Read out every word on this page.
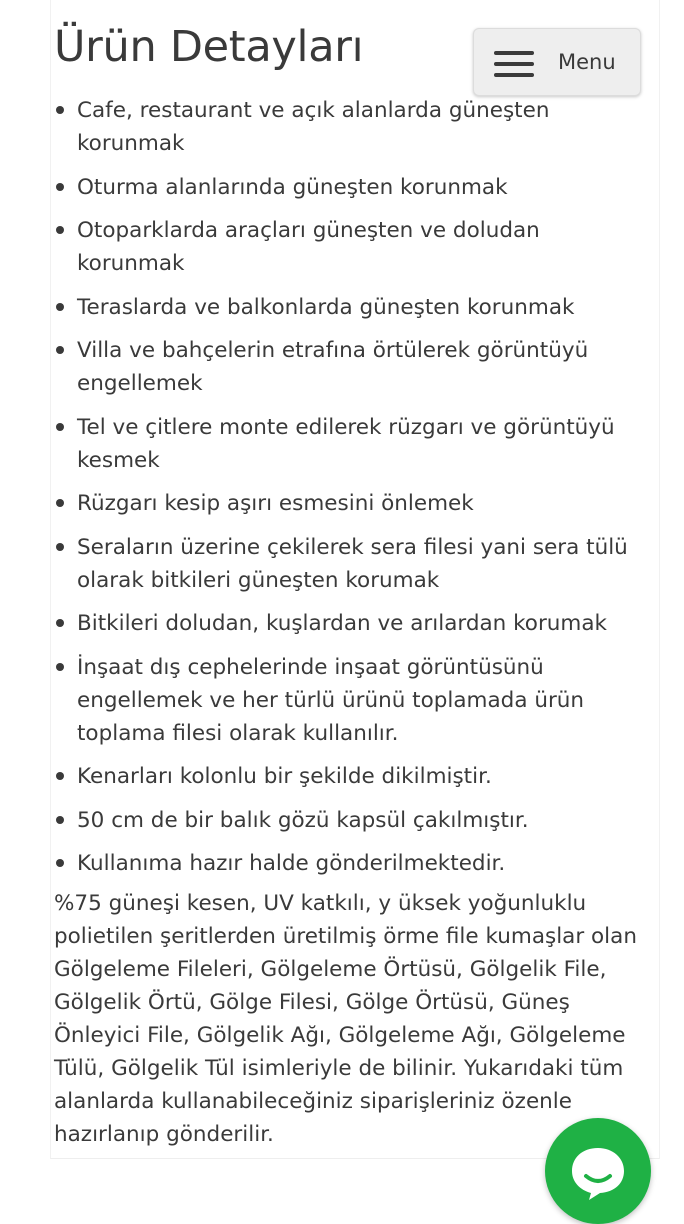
Ürün Detayları	Menu
Cafe, restaurant ve açık alanlarda güneşten korunmak
Oturma alanlarında güneşten korunmak
Otoparklarda araçları güneşten ve doludan korunmak
Teraslarda ve balkonlarda güneşten korunmak
Villa ve bahçelerin etrafına örtülerek görüntüyü engellemek
Tel ve çitlere monte edilerek rüzgarı ve görüntüyü kesmek
Rüzgarı kesip aşırı esmesini önlemek
Seraların üzerine çekilerek sera filesi yani sera tülü olarak bitkileri güneşten korumak
Bitkileri doludan, kuşlardan ve arılardan korumak
İnşaat dış cephelerinde inşaat görüntüsünü engellemek ve her türlü ürünü toplamada ürün toplama filesi olarak kullanılır.
Kenarları kolonlu bir şekilde dikilmiştir.
50 cm de bir balık gözü kapsül çakılmıştır.
Kullanıma hazır halde gönderilmektedir.

%75 güneşi kesen, UV katkılı, y üksek yoğunluklu polietilen şeritlerden üretilmiş örme file kumaşlar olan Gölgeleme Fileleri, Gölgeleme Örtüsü, Gölgelik File, Gölgelik Örtü, Gölge Filesi, Gölge Örtüsü, Güneş Önleyici File, Gölgelik Ağı, Gölgeleme Ağı, Gölgeleme Tülü, Gölgelik Tül isimleriyle de bilinir. Yukarıdaki tüm alanlarda kullanabileceğiniz siparişleriniz özenle hazırlanıp gönderilir.
